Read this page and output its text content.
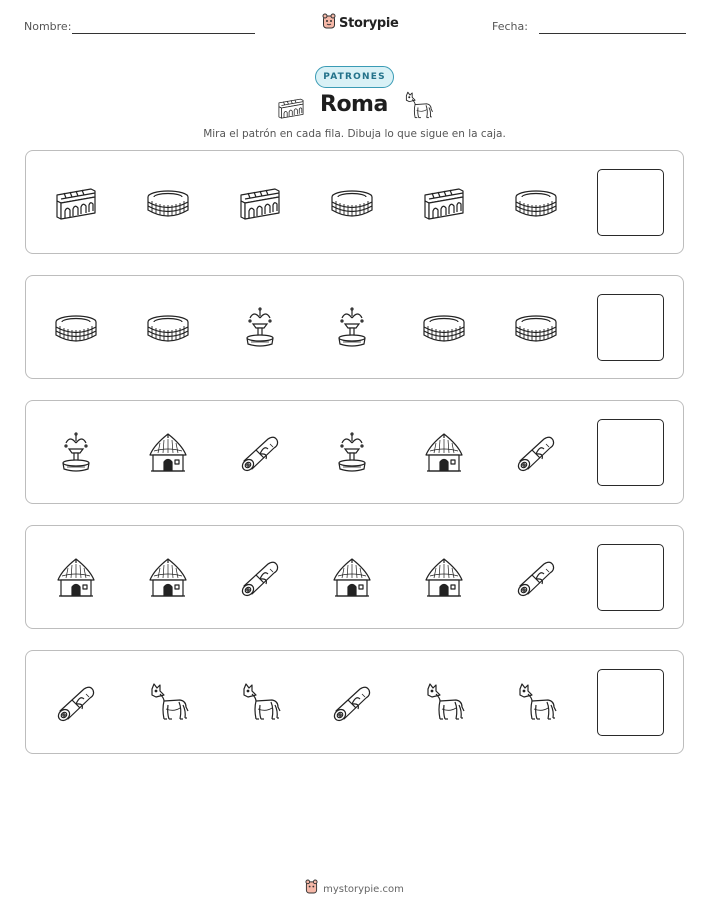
Nombre:	Storypie	Fecha:
PATRONES
Roma
Mira el patrón en cada fila. Dibuja lo que sigue en la caja.
mystorypie.com
